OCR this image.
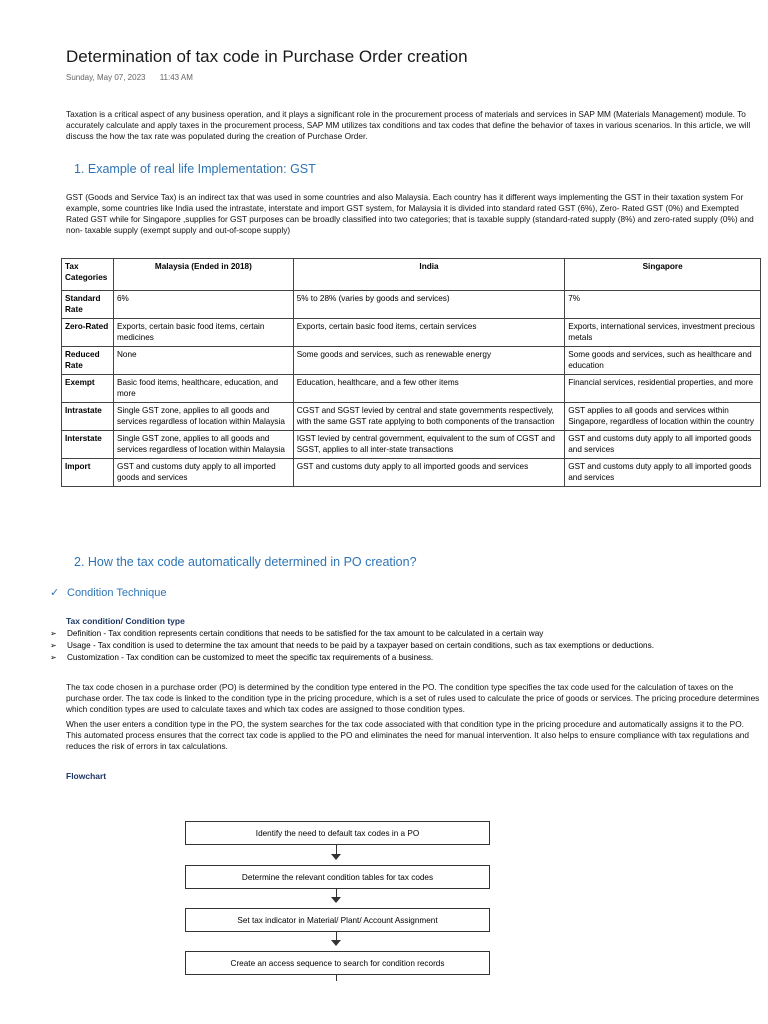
Determination of tax code in Purchase Order creation
Sunday, May 07, 2023 11:43 AM
Taxation is a critical aspect of any business operation, and it plays a significant role in the procurement process of materials and services in SAP MM (Materials Management) module. To accurately calculate and apply taxes in the procurement process, SAP MM utilizes tax conditions and tax codes that define the behavior of taxes in various scenarios. In this article, we will discuss the how the tax rate was populated during the creation of Purchase Order.
1. Example of real life Implementation: GST
GST (Goods and Service Tax) is an indirect tax that was used in some countries and also Malaysia. Each country has it different ways implementing the GST in their taxation system For example, some countries like India used the intrastate, interstate and import GST system, for Malaysia it is divided into standard rated GST (6%), Zero- Rated GST (0%) and Exempted Rated GST while for Singapore ,supplies for GST purposes can be broadly classified into two categories; that is taxable supply (standard-rated supply (8%) and zero-rated supply (0%) and non- taxable supply (exempt supply and out-of-scope supply)
Tax Categories	Malaysia (Ended in 2018)	India	Singapore
Standard Rate	6%	5% to 28% (varies by goods and services)	7%
Zero-Rated	Exports, certain basic food items, certain medicines	Exports, certain basic food items, certain services	Exports, international services, investment precious metals
Reduced Rate	None	Some goods and services, such as renewable energy	Some goods and services, such as healthcare and education
Exempt	Basic food items, healthcare, education, and more	Education, healthcare, and a few other items	Financial services, residential properties, and more
Intrastate	Single GST zone, applies to all goods and services regardless of location within Malaysia	CGST and SGST levied by central and state governments respectively, with the same GST rate applying to both components of the transaction	GST applies to all goods and services within Singapore, regardless of location within the country
Interstate	Single GST zone, applies to all goods and services regardless of location within Malaysia	IGST levied by central government, equivalent to the sum of CGST and SGST, applies to all inter-state transactions	GST and customs duty apply to all imported goods and services
Import	GST and customs duty apply to all imported goods and services	GST and customs duty apply to all imported goods and services	GST and customs duty apply to all imported goods and services
2. How the tax code automatically determined in PO creation?
✓ Condition Technique
Tax condition/ Condition type
➢ Definition - Tax condition represents certain conditions that needs to be satisfied for the tax amount to be calculated in a certain way
➢ Usage - Tax condition is used to determine the tax amount that needs to be paid by a taxpayer based on certain conditions, such as tax exemptions or deductions.
➢ Customization - Tax condition can be customized to meet the specific tax requirements of a business.
The tax code chosen in a purchase order (PO) is determined by the condition type entered in the PO. The condition type specifies the tax code used for the calculation of taxes on the purchase order. The tax code is linked to the condition type in the pricing procedure, which is a set of rules used to calculate the price of goods or services. The pricing procedure determines which condition types are used to calculate taxes and which tax codes are assigned to those condition types.
When the user enters a condition type in the PO, the system searches for the tax code associated with that condition type in the pricing procedure and automatically assigns it to the PO. This automated process ensures that the correct tax code is applied to the PO and eliminates the need for manual intervention. It also helps to ensure compliance with tax regulations and reduces the risk of errors in tax calculations.
Flowchart
Identify the need to default tax codes in a PO
Determine the relevant condition tables for tax codes
Set tax indicator in Material/ Plant/ Account Assignment
Create an access sequence to search for condition records
